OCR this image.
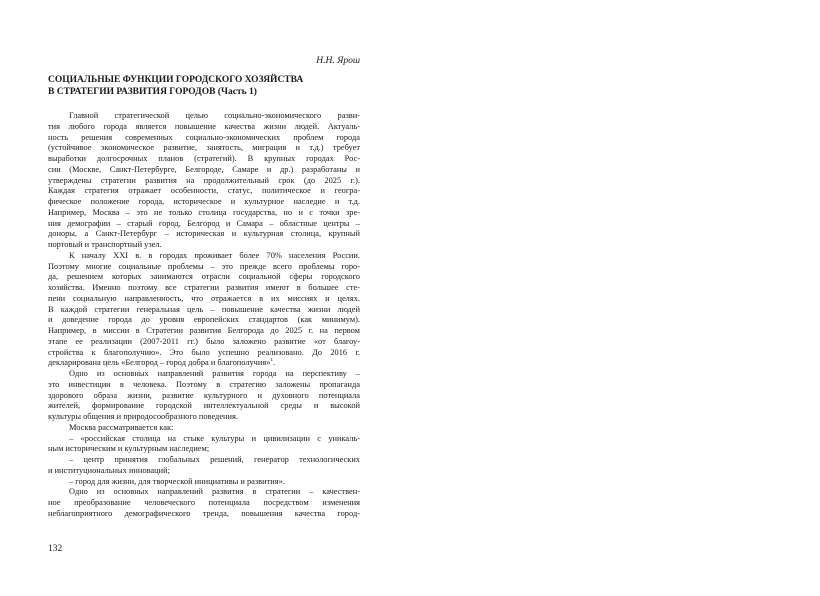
Н.Н. Ярош
СОЦИАЛЬНЫЕ ФУНКЦИИ ГОРОДСКОГО ХОЗЯЙСТВА
В СТРАТЕГИИ РАЗВИТИЯ ГОРОДОВ (Часть 1)
Главной стратегической целью социально-экономического разви-
тия любого города является повышение качества жизни людей. Актуаль-
ность решения современных социально-экономических проблем города
(устойчивое экономическое развитие, занятость, миграция и т.д.) требует
выработки долгосрочных планов (стратегий). В крупных городах Рос-
сии (Москве, Санкт-Петербурге, Белгороде, Самаре и др.) разработаны и
утверждены стратегии развития на продолжительный срок (до 2025 г.).
Каждая стратегия отражает особенности, статус, политическое и геогра-
фическое положение города, историческое и культурное наследие и т.д.
Например, Москва – это не только столица государства, но и с точки зре-
ния демографии – старый город, Белгород и Самара – областные центры –
доноры, а Санкт-Петербург – историческая и культурная столица, крупный
портовый и транспортный узел.
К началу XXI в. в городах проживает более 70% населения России.
Поэтому многие социальные проблемы – это прежде всего проблемы горо-
да, решением которых занимаются отрасли социальной сферы городского
хозяйства. Именно поэтому все стратегии развития имеют в большее сте-
пени социальную направленность, что отражается в их миссиях и целях.
В каждой стратегии генеральная цель – повышение качества жизни людей
и доведение города до уровня европейских стандартов (как минимум).
Например, в миссии в Стратегии развития Белгорода до 2025 г. на первом
этапе ее реализации (2007-2011 гг.) было заложено развитие «от благоу-
стройства к благополучию». Это было успешно реализовано. До 2016 г.
декларирована цель «Белгород – город добра и благополучия»$^1$.
Одно из основных направлений развития города на перспективу –
это инвестиции в человека. Поэтому в стратегию заложены пропаганда
здорового образа жизни, развитие культурного и духовного потенциала
жителей, формирование городской интеллектуальной среды и высокой
культуры общения и природосообразного поведения.
Москва рассматривается как:
– «российская столица на стыке культуры и цивилизации с уникаль-
ным историческим и культурным наследием;
– центр принятия глобальных решений, генератор технологических
и институциональных инноваций;
– город для жизни, для творческой инициативы и развития».
Одно из основных направлений развития в стратегии – качествен-
ное преобразование человеческого потенциала посредством изменения
неблагоприятного демографического тренда, повышения качества город-
132
